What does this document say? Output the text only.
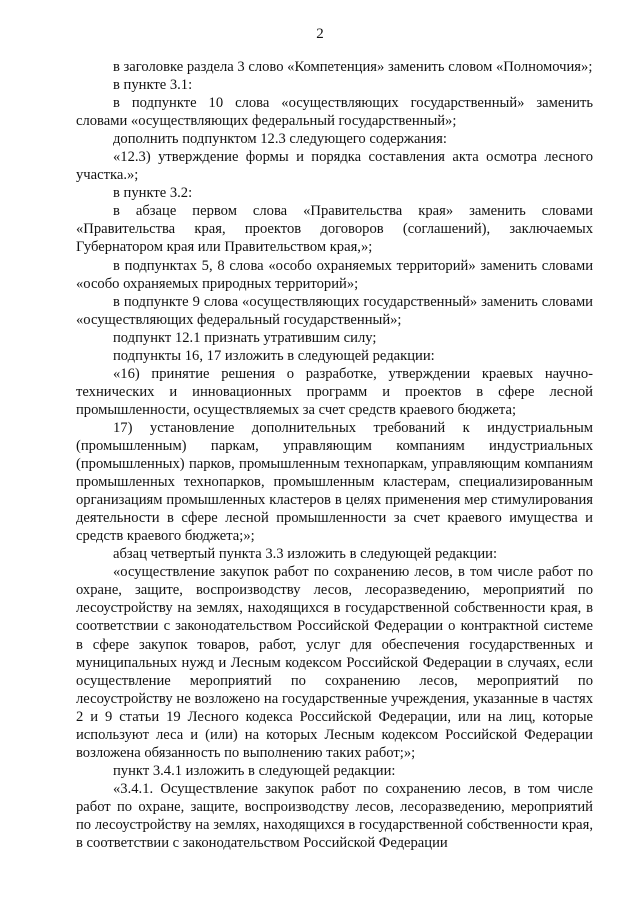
2

в заголовке раздела 3 слово «Компетенция» заменить словом «Полномочия»;

в пункте 3.1:

в подпункте 10 слова «осуществляющих государственный» заменить словами «осуществляющих федеральный государственный»;

дополнить подпунктом 12.3 следующего содержания:

«12.3) утверждение формы и порядка составления акта осмотра лесного участка.»;

в пункте 3.2:

в абзаце первом слова «Правительства края» заменить словами «Правительства края, проектов договоров (соглашений), заключаемых Губернатором края или Правительством края,»;

в подпунктах 5, 8 слова «особо охраняемых территорий» заменить словами «особо охраняемых природных территорий»;

в подпункте 9 слова «осуществляющих государственный» заменить словами «осуществляющих федеральный государственный»;

подпункт 12.1 признать утратившим силу;

подпункты 16, 17 изложить в следующей редакции:

«16) принятие решения о разработке, утверждении краевых научно-технических и инновационных программ и проектов в сфере лесной промышленности, осуществляемых за счет средств краевого бюджета;

17) установление дополнительных требований к индустриальным (промышленным) паркам, управляющим компаниям индустриальных (промышленных) парков, промышленным технопаркам, управляющим компаниям промышленных технопарков, промышленным кластерам, специализированным организациям промышленных кластеров в целях применения мер стимулирования деятельности в сфере лесной промышленности за счет краевого имущества и средств краевого бюджета;»;

абзац четвертый пункта 3.3 изложить в следующей редакции:

«осуществление закупок работ по сохранению лесов, в том числе работ по охране, защите, воспроизводству лесов, лесоразведению, мероприятий по лесоустройству на землях, находящихся в государственной собственности края, в соответствии с законодательством Российской Федерации о контрактной системе в сфере закупок товаров, работ, услуг для обеспечения государственных и муниципальных нужд и Лесным кодексом Российской Федерации в случаях, если осуществление мероприятий по сохранению лесов, мероприятий по лесоустройству не возложено на государственные учреждения, указанные в частях 2 и 9 статьи 19 Лесного кодекса Российской Федерации, или на лиц, которые используют леса и (или) на которых Лесным кодексом Российской Федерации возложена обязанность по выполнению таких работ;»;

пункт 3.4.1 изложить в следующей редакции:

«3.4.1. Осуществление закупок работ по сохранению лесов, в том числе работ по охране, защите, воспроизводству лесов, лесоразведению, мероприятий по лесоустройству на землях, находящихся в государственной собственности края, в соответствии с законодательством Российской Федерации
